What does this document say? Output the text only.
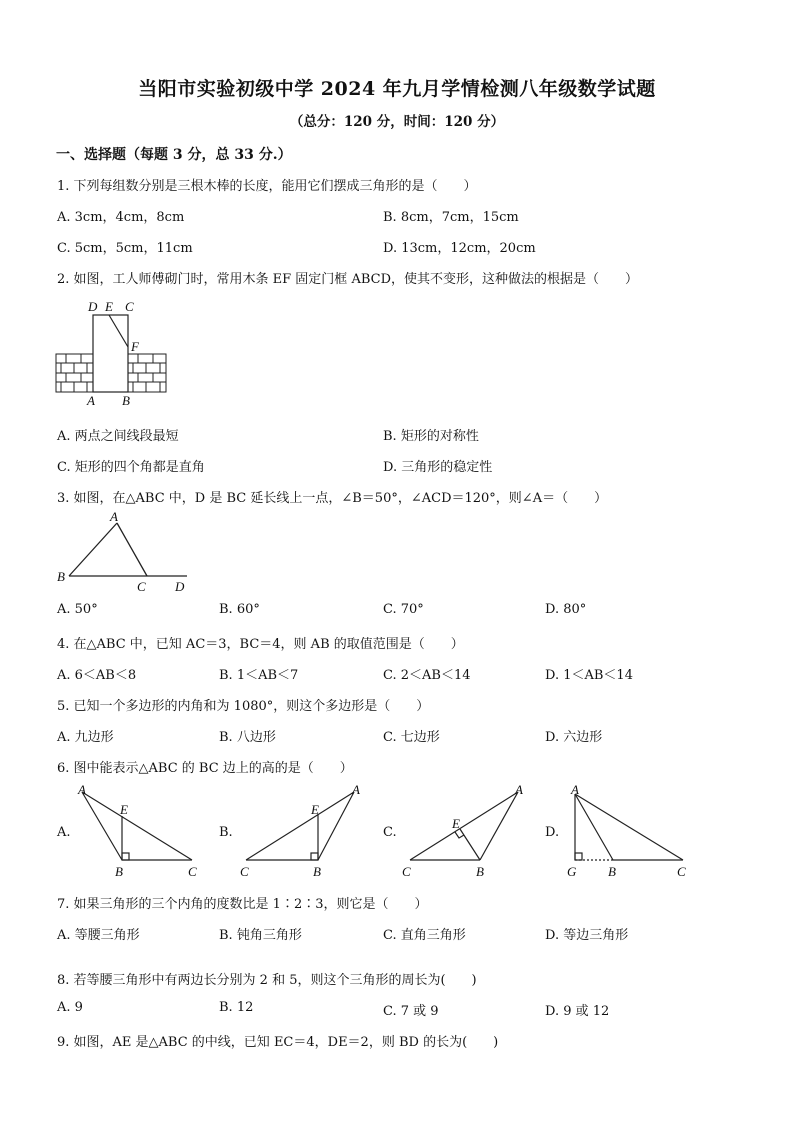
当阳市实验初级中学 2024 年九月学情检测八年级数学试题
（总分：120 分，时间：120 分）
一、选择题（每题 3 分，总 33 分.）
1. 下列每组数分别是三根木棒的长度，能用它们摆成三角形的是（　　）
A. 3cm，4cm，8cm	B. 8cm，7cm，15cm
C. 5cm，5cm，11cm	D. 13cm，12cm，20cm
2. 如图，工人师傅砌门时，常用木条 EF 固定门框 ABCD，使其不变形，这种做法的根据是（　　）
D E C
F
A B
A. 两点之间线段最短	B. 矩形的对称性
C. 矩形的四个角都是直角	D. 三角形的稳定性
3. 如图，在△ABC 中，D 是 BC 延长线上一点，∠B＝50°，∠ACD＝120°，则∠A＝（　　）
A
B
C D
A. 50°	B. 60°	C. 70°	D. 80°
4. 在△ABC 中，已知 AC＝3，BC＝4，则 AB 的取值范围是（　　）
A. 6＜AB＜8	B. 1＜AB＜7	C. 2＜AB＜14	D. 1＜AB＜14
5. 已知一个多边形的内角和为 1080°，则这个多边形是（　　）
A. 九边形	B. 八边形	C. 七边形	D. 六边形
6. 图中能表示△ABC 的 BC 边上的高的是（　　）
A.
A
E
B	C
B.
A
E
C	B
C.
A
E
C	B
D.
A
G B	C
7. 如果三角形的三个内角的度数比是 1∶2∶3，则它是（　　）
A. 等腰三角形	B. 钝角三角形	C. 直角三角形	D. 等边三角形
8. 若等腰三角形中有两边长分别为 2 和 5，则这个三角形的周长为(　　)
A. 9	B. 12	C. 7 或 9	D. 9 或 12
9. 如图，AE 是△ABC 的中线，已知 EC＝4，DE＝2，则 BD 的长为(　　)
